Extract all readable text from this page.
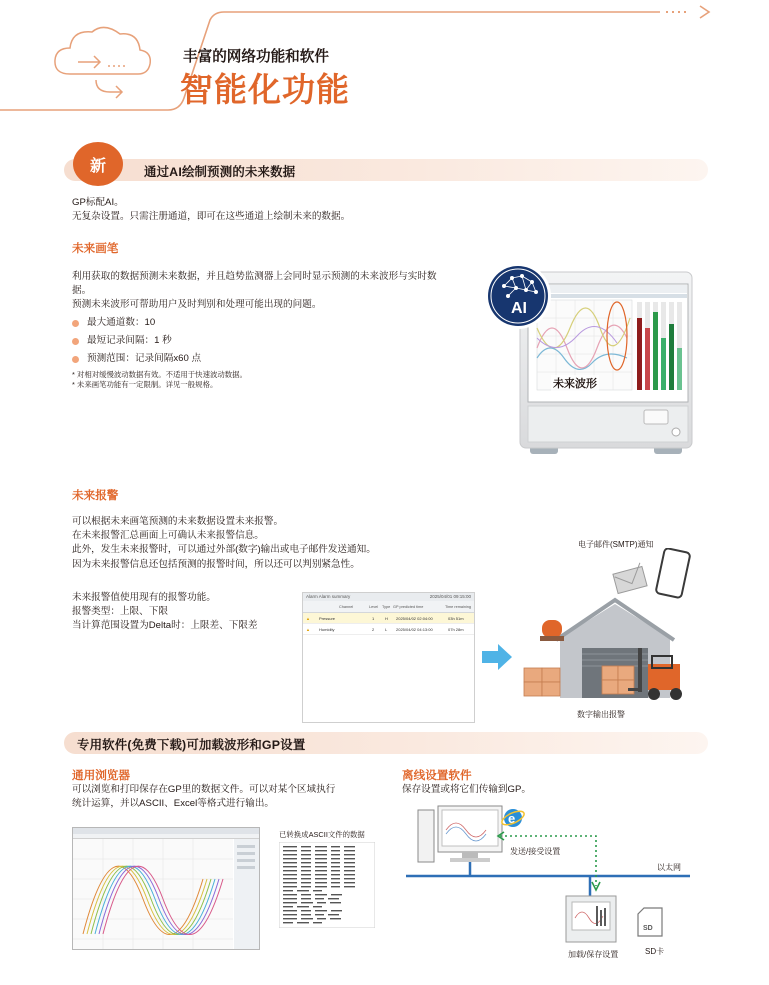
丰富的网络功能和软件
智能化功能
新	通过AI绘制预测的未来数据
GP标配AI。
无复杂设置。只需注册通道，即可在这些通道上绘制未来的数据。
未来画笔
利用获取的数据预测未来数据，并且趋势监测器上会同时显示预测的未来波形与实时数
据。
预测未来波形可帮助用户及时判别和处理可能出现的问题。
最大通道数：10
最短记录间隔：1 秒
预测范围：记录间隔x60 点
* 对相对缓慢波动数据有效。不适用于快速波动数据。
* 未来画笔功能有一定限制。详见一般规格。
AI
未来波形
未来报警
可以根据未来画笔预测的未来数据设置未来报警。
在未来报警汇总画面上可确认未来报警信息。
此外，发生未来报警时，可以通过外部(数字)输出或电子邮件发送通知。
因为未来报警信息还包括预测的报警时间，所以还可以判别紧急性。
未来报警值使用现有的报警功能。
报警类型：上限、下限
当计算范围设置为Delta时：上限差、下限差
Alarm Alarm summary	2025/04/01 09:15:00
Channel	Level	Type GP predicted time	Time remaining
▲	Pressure	1	H	2025/04/02 02:04:00	03h 51m
▲	Humidity	2	L	2025/04/02 04:13:00	07h 28m
电子邮件(SMTP)通知
数字输出报警
专用软件(免费下载)可加载波形和GP设置
通用浏览器
可以浏览和打印保存在GP里的数据文件。可以对某个区域执行
统计运算，并以ASCII、Excel等格式进行输出。
已转换成ASCII文件的数据
离线设置软件
保存设置或将它们传输到GP。
e
SD
发送/接受设置
以太网
加载/保存设置	SD卡
